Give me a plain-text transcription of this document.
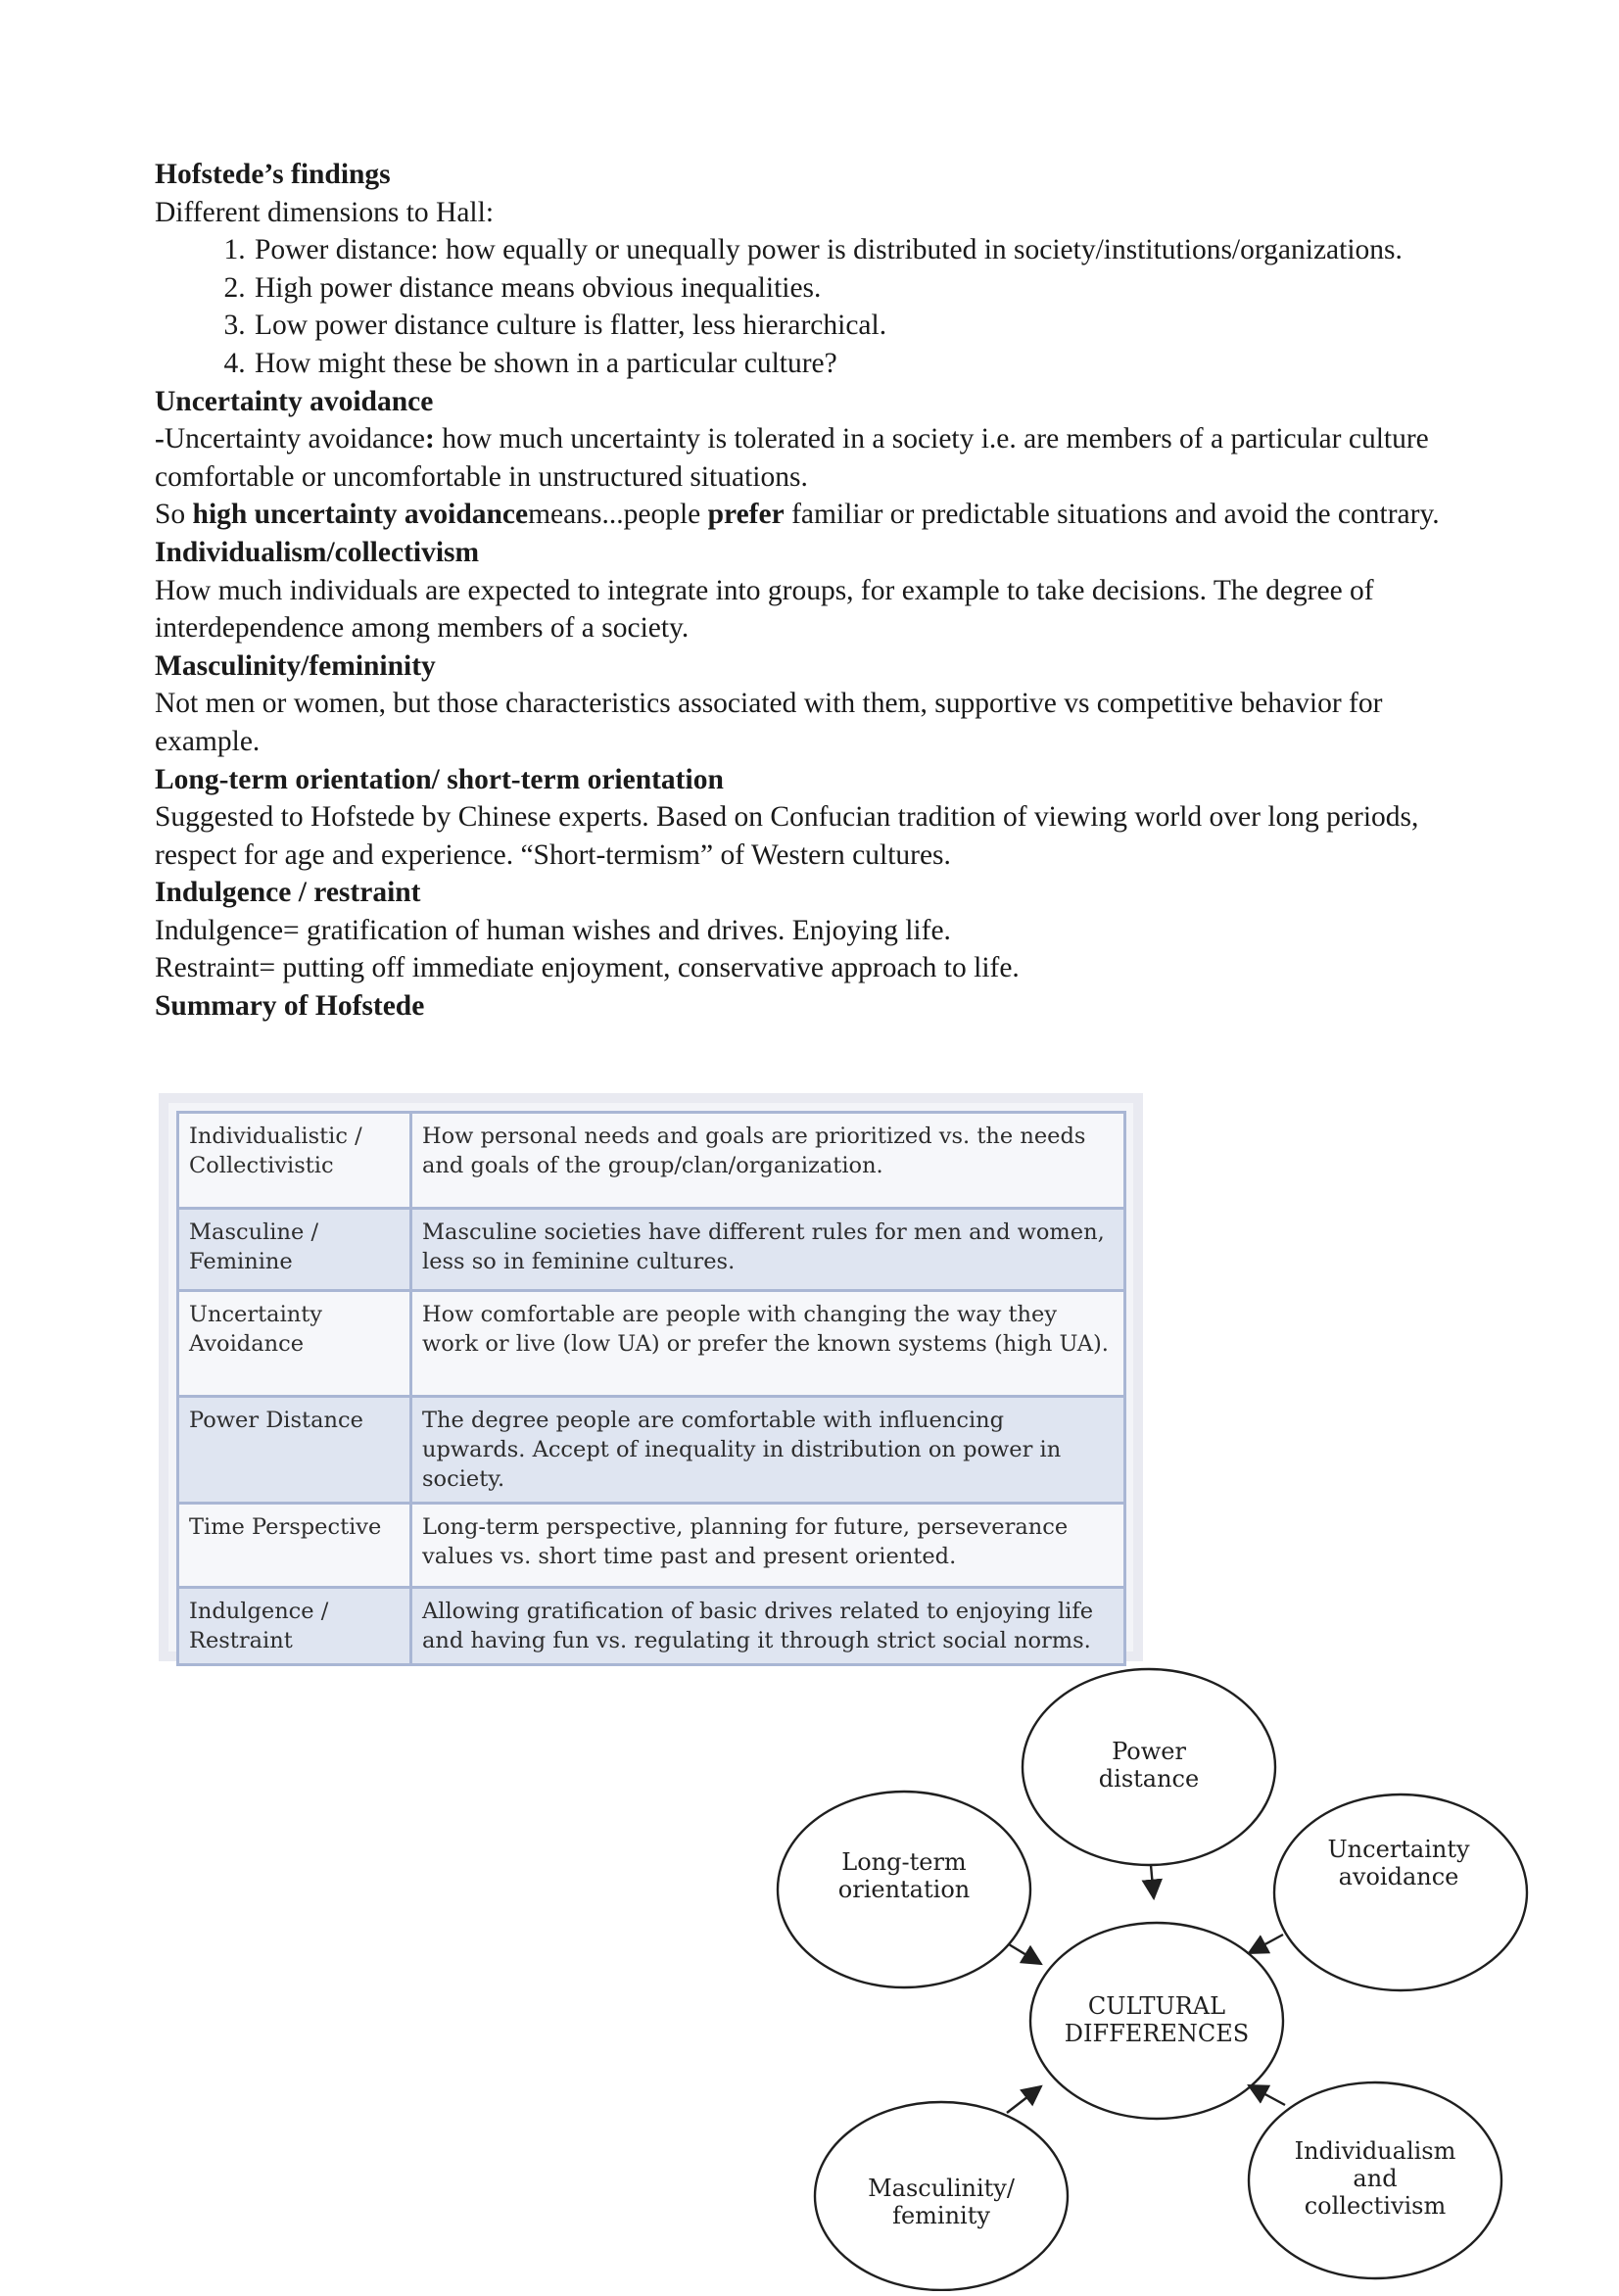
Hofstede’s findings

Different dimensions to Hall:

1. Power distance: how equally or unequally power is distributed in society/institutions/organizations.
2. High power distance means obvious inequalities.
3. Low power distance culture is flatter, less hierarchical.
4. How might these be shown in a particular culture?

Uncertainty avoidance

-Uncertainty avoidance: how much uncertainty is tolerated in a society i.e. are members of a particular culture comfortable or uncomfortable in unstructured situations.

So high uncertainty avoidancemeans...people prefer familiar or predictable situations and avoid the contrary.

Individualism/collectivism

How much individuals are expected to integrate into groups, for example to take decisions. The degree of interdependence among members of a society.

Masculinity/femininity

Not men or women, but those characteristics associated with them, supportive vs competitive behavior for example.

Long-term orientation/ short-term orientation

Suggested to Hofstede by Chinese experts. Based on Confucian tradition of viewing world over long periods, respect for age and experience. “Short-termism” of Western cultures.

Indulgence / restraint

Indulgence= gratification of human wishes and drives. Enjoying life.

Restraint= putting off immediate enjoyment, conservative approach to life.

Summary of Hofstede

Individualistic / Collectivistic	How personal needs and goals are prioritized vs. the needs and goals of the group/clan/organization.
Masculine / Feminine	Masculine societies have different rules for men and women, less so in feminine cultures.
Uncertainty Avoidance	How comfortable are people with changing the way they work or live (low UA) or prefer the known systems (high UA).
Power Distance	The degree people are comfortable with influencing upwards. Accept of inequality in distribution on power in society.
Time Perspective	Long-term perspective, planning for future, perseverance values vs. short time past and present oriented.
Indulgence / Restraint	Allowing gratification of basic drives related to enjoying life and having fun vs. regulating it through strict social norms.
Power
distance
Uncertainty
avoidance
Long-term
orientation
CULTURAL
DIFFERENCES
Masculinity/
feminity
Individualism
and
collectivism
